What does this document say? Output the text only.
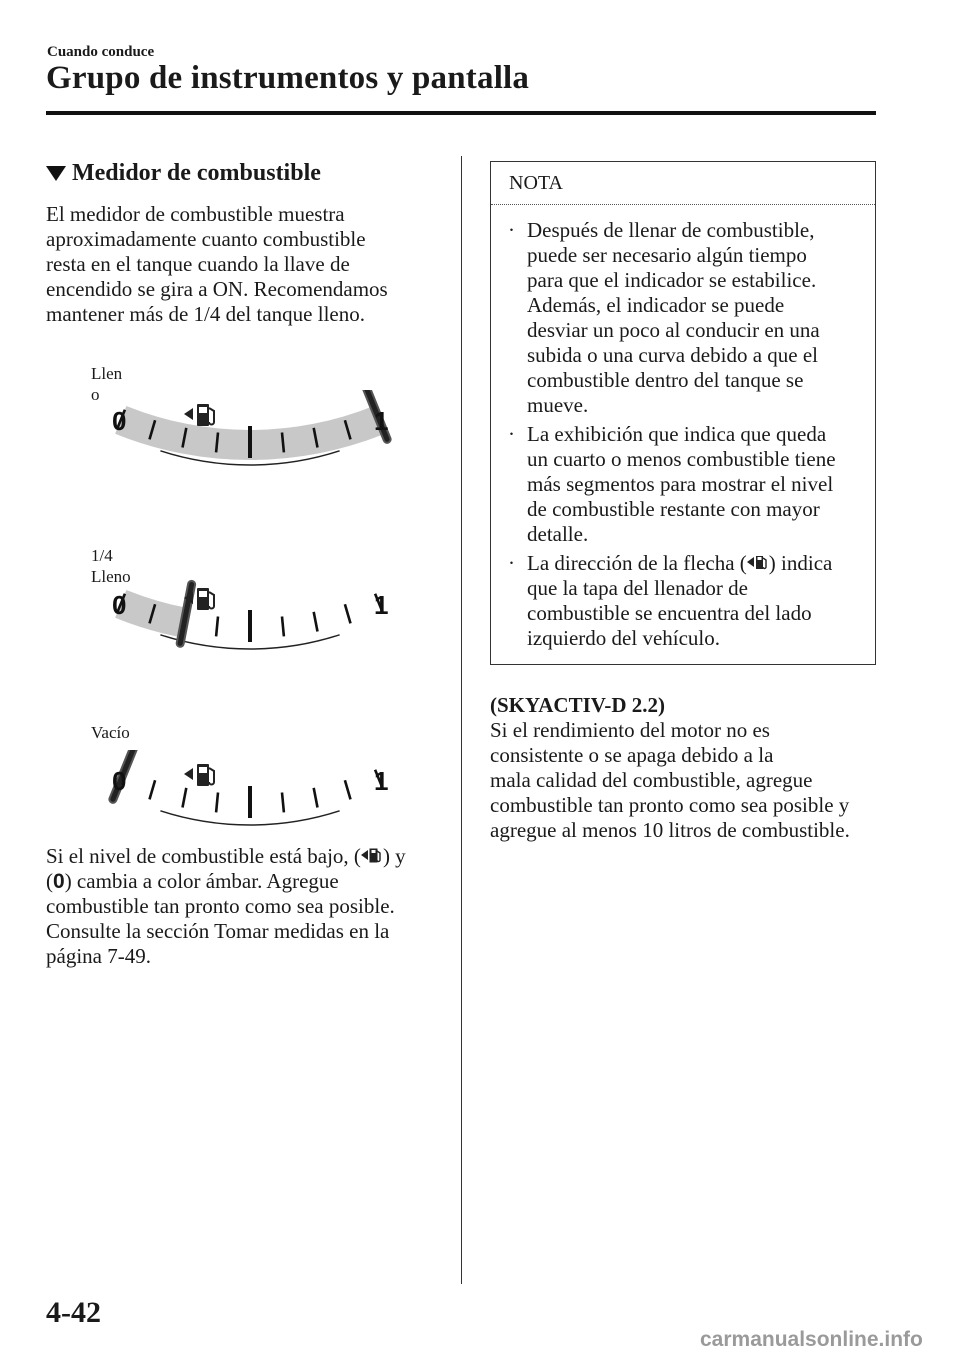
Cuando conduce
Grupo de instrumentos y pantalla
Medidor de combustible

El medidor de combustible muestra

aproximadamente cuanto combustible

resta en el tanque cuando la llave de

encendido se gira a ON. Recomendamos

mantener más de 1/4 del tanque lleno.

Llen
o
0	1
1/4
Lleno
0	1
Vacío
0	1

Si el nivel de combustible está bajo, ( ) y

(0) cambia a color ámbar. Agregue

combustible tan pronto como sea posible.

Consulte la sección Tomar medidas en la

página 7-49.

NOTA
· Después de llenar de combustible,

puede ser necesario algún tiempo

para que el indicador se estabilice.

Además, el indicador se puede

desviar un poco al conducir en una

subida o una curva debido a que el

combustible dentro del tanque se

mueve.

· La exhibición que indica que queda

un cuarto o menos combustible tiene

más segmentos para mostrar el nivel

de combustible restante con mayor

detalle.

· La dirección de la flecha ( ) indica

que la tapa del llenador de

combustible se encuentra del lado

izquierdo del vehículo.

(SKYACTIV-D 2.2)

Si el rendimiento del motor no es

consistente o se apaga debido a la

mala calidad del combustible, agregue

combustible tan pronto como sea posible y

agregue al menos 10 litros de combustible.

4-42
carmanualsonline.info
